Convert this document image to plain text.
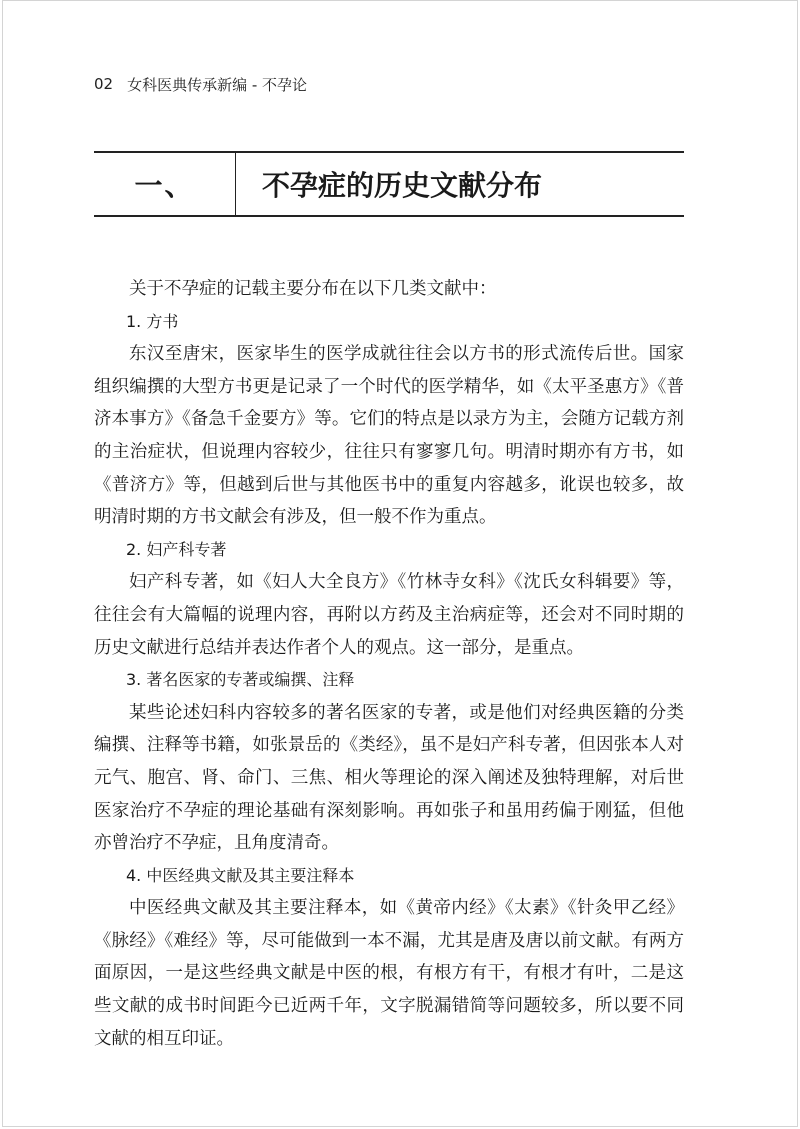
02 女科医典传承新编 - 不孕论
一、	不孕症的历史文献分布

关于不孕症的记载主要分布在以下几类文献中：

1. 方书

东汉至唐宋，医家毕生的医学成就往往会以方书的形式流传后世。国家组织编撰的大型方书更是记录了一个时代的医学精华，如《太平圣惠方》《普济本事方》《备急千金要方》等。它们的特点是以录方为主，会随方记载方剂的主治症状，但说理内容较少，往往只有寥寥几句。明清时期亦有方书，如《普济方》等，但越到后世与其他医书中的重复内容越多，讹误也较多，故明清时期的方书文献会有涉及，但一般不作为重点。

2. 妇产科专著

妇产科专著，如《妇人大全良方》《竹林寺女科》《沈氏女科辑要》等，往往会有大篇幅的说理内容，再附以方药及主治病症等，还会对不同时期的历史文献进行总结并表达作者个人的观点。这一部分，是重点。

3. 著名医家的专著或编撰、注释

某些论述妇科内容较多的著名医家的专著，或是他们对经典医籍的分类编撰、注释等书籍，如张景岳的《类经》，虽不是妇产科专著，但因张本人对元气、胞宫、肾、命门、三焦、相火等理论的深入阐述及独特理解，对后世医家治疗不孕症的理论基础有深刻影响。再如张子和虽用药偏于刚猛，但他亦曾治疗不孕症，且角度清奇。

4. 中医经典文献及其主要注释本

中医经典文献及其主要注释本，如《黄帝内经》《太素》《针灸甲乙经》《脉经》《难经》等，尽可能做到一本不漏，尤其是唐及唐以前文献。有两方面原因，一是这些经典文献是中医的根，有根方有干，有根才有叶，二是这些文献的成书时间距今已近两千年，文字脱漏错简等问题较多，所以要不同文献的相互印证。
